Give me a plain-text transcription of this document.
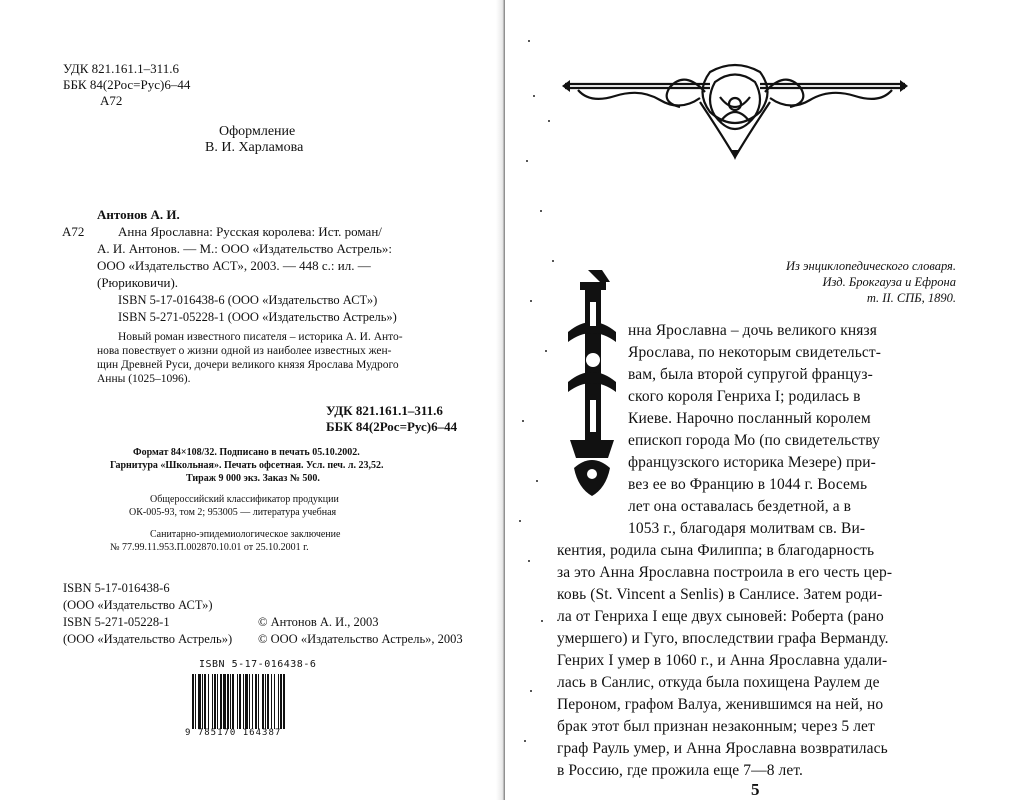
УДК 821.161.1–311.6
ББК 84(2Рос=Рус)6–44
А72
Оформление
В. И. Харламова
Антонов А. И.
А72	Анна Ярославна: Русская королева: Ист. роман/
А. И. Антонов. — М.: ООО «Издательство Астрель»:
ООО «Издательство АСТ», 2003. — 448 с.: ил. —
(Рюриковичи).
ISBN 5-17-016438-6 (ООО «Издательство АСТ»)
ISBN 5-271-05228-1 (ООО «Издательство Астрель»)
Новый роман известного писателя – историка А. И. Анто-
нова повествует о жизни одной из наиболее известных жен-
щин Древней Руси, дочери великого князя Ярослава Мудрого
Анны (1025–1096).
УДК 821.161.1–311.6
ББК 84(2Рос=Рус)6–44
Формат 84×108/32. Подписано в печать 05.10.2002.
Гарнитура «Школьная». Печать офсетная. Усл. печ. л. 23,52.
Тираж 9 000 экз. Заказ № 500.
Общероссийский классификатор продукции
ОК-005-93, том 2; 953005 — литература учебная
Санитарно-эпидемиологическое заключение
№ 77.99.11.953.П.002870.10.01 от 25.10.2001 г.
ISBN 5-17-016438-6
(ООО «Издательство АСТ»)
ISBN 5-271-05228-1
(ООО «Издательство Астрель»)
© Антонов А. И., 2003
© ООО «Издательство Астрель», 2003
ISBN 5-17-016438-6
9 785170 164387
Из энциклопедического словаря.
Изд. Брокгауза и Ефрона
т. II. СПБ, 1890.
нна Ярославна – дочь великого князя
Ярослава, по некоторым свидетельст-
вам, была второй супругой француз-
ского короля Генриха I; родилась в
Киеве. Нарочно посланный королем
епископ города Мо (по свидетельству
французского историка Мезере) при-
вез ее во Францию в 1044 г. Восемь
лет она оставалась бездетной, а в
1053 г., благодаря молитвам св. Ви-
кентия, родила сына Филиппа; в благодарность
за это Анна Ярославна построила в его честь цер-
ковь (St. Vincent a Senlis) в Санлисе. Затем роди-
ла от Генриха I еще двух сыновей: Роберта (рано
умершего) и Гуго, впоследствии графа Верманду.
Генрих I умер в 1060 г., и Анна Ярославна удали-
лась в Санлис, откуда была похищена Раулем де
Пероном, графом Валуа, женившимся на ней, но
брак этот был признан незаконным; через 5 лет
граф Рауль умер, и Анна Ярославна возвратилась
в Россию, где прожила еще 7—8 лет.
5
